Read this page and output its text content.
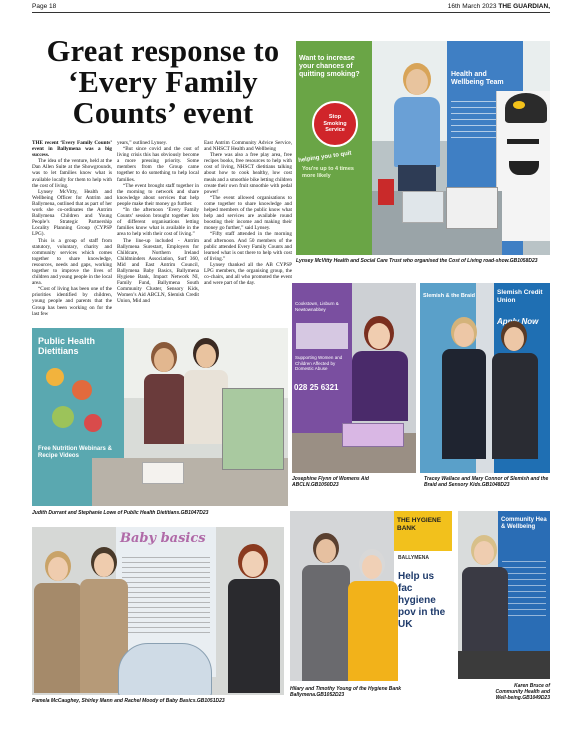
Page 18	16th March 2023 THE GUARDIAN,
Great response to ‘Every Family Counts’ event

THE recent ‘Every Family Counts’ event in Ballymena was a big success.

The idea of the venture, held at the Dan Allen Suite at the Showgrounds, was to let families know what is available locally for them to help with the cost of living.

Lynsey McVitty, Health and Wellbeing Officer for Antrim and Ballymena, outlined that as part of her work she co-ordinates the Antrim Ballymena Children and Young People’s Strategic Partnership Locality Planning Group (CYPSP LPG).

This is a group of staff from statutory, voluntary, charity and community services which comes together to share knowledge, resources, needs and gaps, working together to improve the lives of children and young people in the local area.

“Cost of living has been one of the priorities identified by children, young people and parents that the Group has been working on for the last few

years,” outlined Lynsey.

“But since covid and the cost of living crisis this has obviously become a more pressing priority. Some members from the Group came together to do something to help local families.

“The event brought staff together in the morning to network and share knowledge about services that help people make their money go further.

“In the afternoon ‘Every Family Counts’ session brought together lots of different organisations letting families know what is available in the area to help with their cost of living.”

The line-up included - Antrim Ballymena Surestart, Employers for Childcare, Northern Ireland Childminders Association, Surf 360, Mid and East Antrim Council, Ballymena Baby Basics, Ballymena Hygiene Bank, Impact Network NI, Family Fund, Ballymena South Community Cluster, Sensory Kids, Women’s Aid ABCLN, Slemish Credit Union, Mid and

East Antrim Community Advice Service, and NHSCT Health and Wellbeing

There was also a free play area, free recipes books, free resources to help with cost of living, NHSCT dietitians talking about how to cook healthy, low cost meals and a smoothie bike letting children create their own fruit smoothie with pedal power!

“The event allowed organisations to come together to share knowledge and helped members of the public know what help and services are available round boosting their income and making their money go further,” said Lynsey.

“Fifty staff attended in the morning and afternoon. And 50 members of the public attended Every Family Counts and learned what is out there to help with cost of living.”

Lynsey thanked all the AB CYPSP LPG members, the organising group, the co-chairs, and all who promoted the event and were part of the day.

Want to increase your chances of quitting smoking?
Stop Smoking Service
helping you to quit
You're up to 4 times more likely
Health and Wellbeing Team
Lynsey McVitty Health and Social Care Trust who organised the Cost of Living road-show.GB1058D23
Public Health Dietitians
Free Nutrition Webinars & Recipe Videos
Judith Durrant and Stephanie Lowe of Public Health Dietitians.GB1047D23
Cookstown, Lisburn & Newtownabbey
Supporting Women and Children Affected by Domestic Abuse
028 25 6321
Josephine Flynn of Womens Aid ABCLN.GB1050D23
Slemish & the Braid	Slemish Credit Union
Apply Now
Tracey Wallace and Mary Connor of Slemish and the Braid and Sensory Kids.GB1048D23
Baby basics
Pamela McCaughey, Shirley Mann and Rachel Moody of Baby Basics.GB1051D23
THE HYGIENE BANK
BALLYMENA
Help us fac hygiene pov in the UK
Hilary and Timothy Young of the Hygiene Bank Ballymena.GB1052D23
Community Hea & Wellbeing
Karen Bruce of Community Health and Well-being.GB1049D23
